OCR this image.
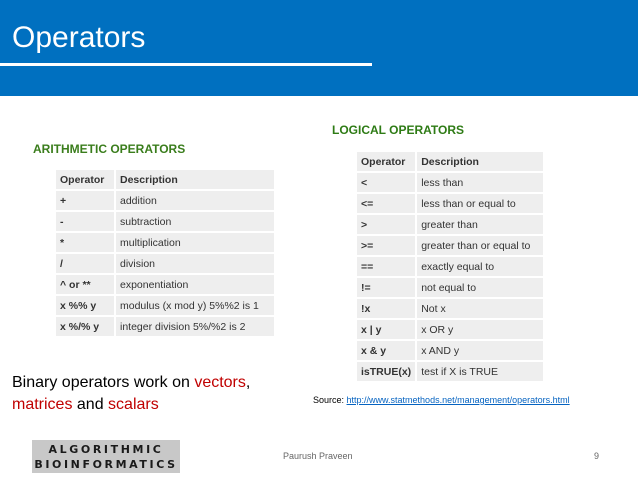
Operators
ARITHMETIC OPERATORS
Operator	Description
+	addition
-	subtraction
*	multiplication
/	division
^ or **	exponentiation
x %% y	modulus (x mod y) 5%%2 is 1
x %/% y	integer division 5%/%2 is 2
LOGICAL OPERATORS
Operator	Description
<	less than
<=	less than or equal to
>	greater than
>=	greater than or equal to
==	exactly equal to
!=	not equal to
!x	Not x
x | y	x OR y
x & y	x AND y
isTRUE(x)	test if X is TRUE
Binary operators work on vectors,
matrices and scalars	Source: http://www.statmethods.net/management/operators.html
ALGORITHMIC
BIOINFORMATICS
Paurush Praveen	9
